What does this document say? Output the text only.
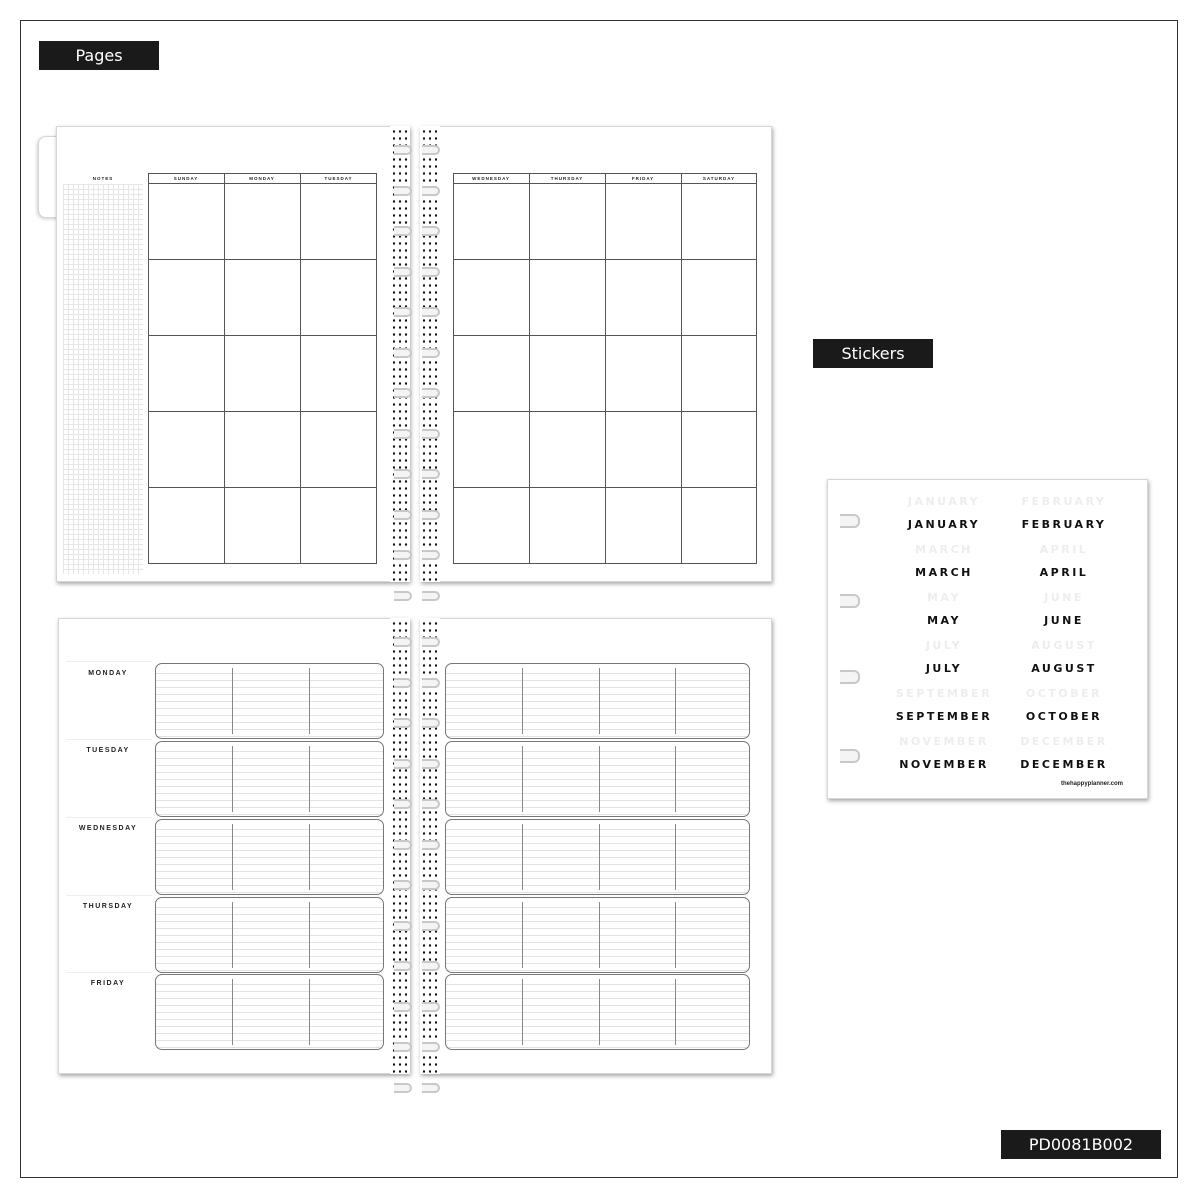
Pages
Stickers
PD0081B002
NOTES	SUNDAY	MONDAY	TUESDAY	WEDNESDAY	THURSDAY	FRIDAY	SATURDAY
MONDAY
TUESDAY
WEDNESDAY
THURSDAY
FRIDAY
JANUARY
JANUARY
FEBRUARY
FEBRUARY
MARCH
MARCH
APRIL
APRIL
MAY
MAY
JUNE
JUNE
JULY
JULY
AUGUST
AUGUST
SEPTEMBER
SEPTEMBER
OCTOBER
OCTOBER
NOVEMBER
NOVEMBER
DECEMBER
DECEMBER
thehappyplanner.com
